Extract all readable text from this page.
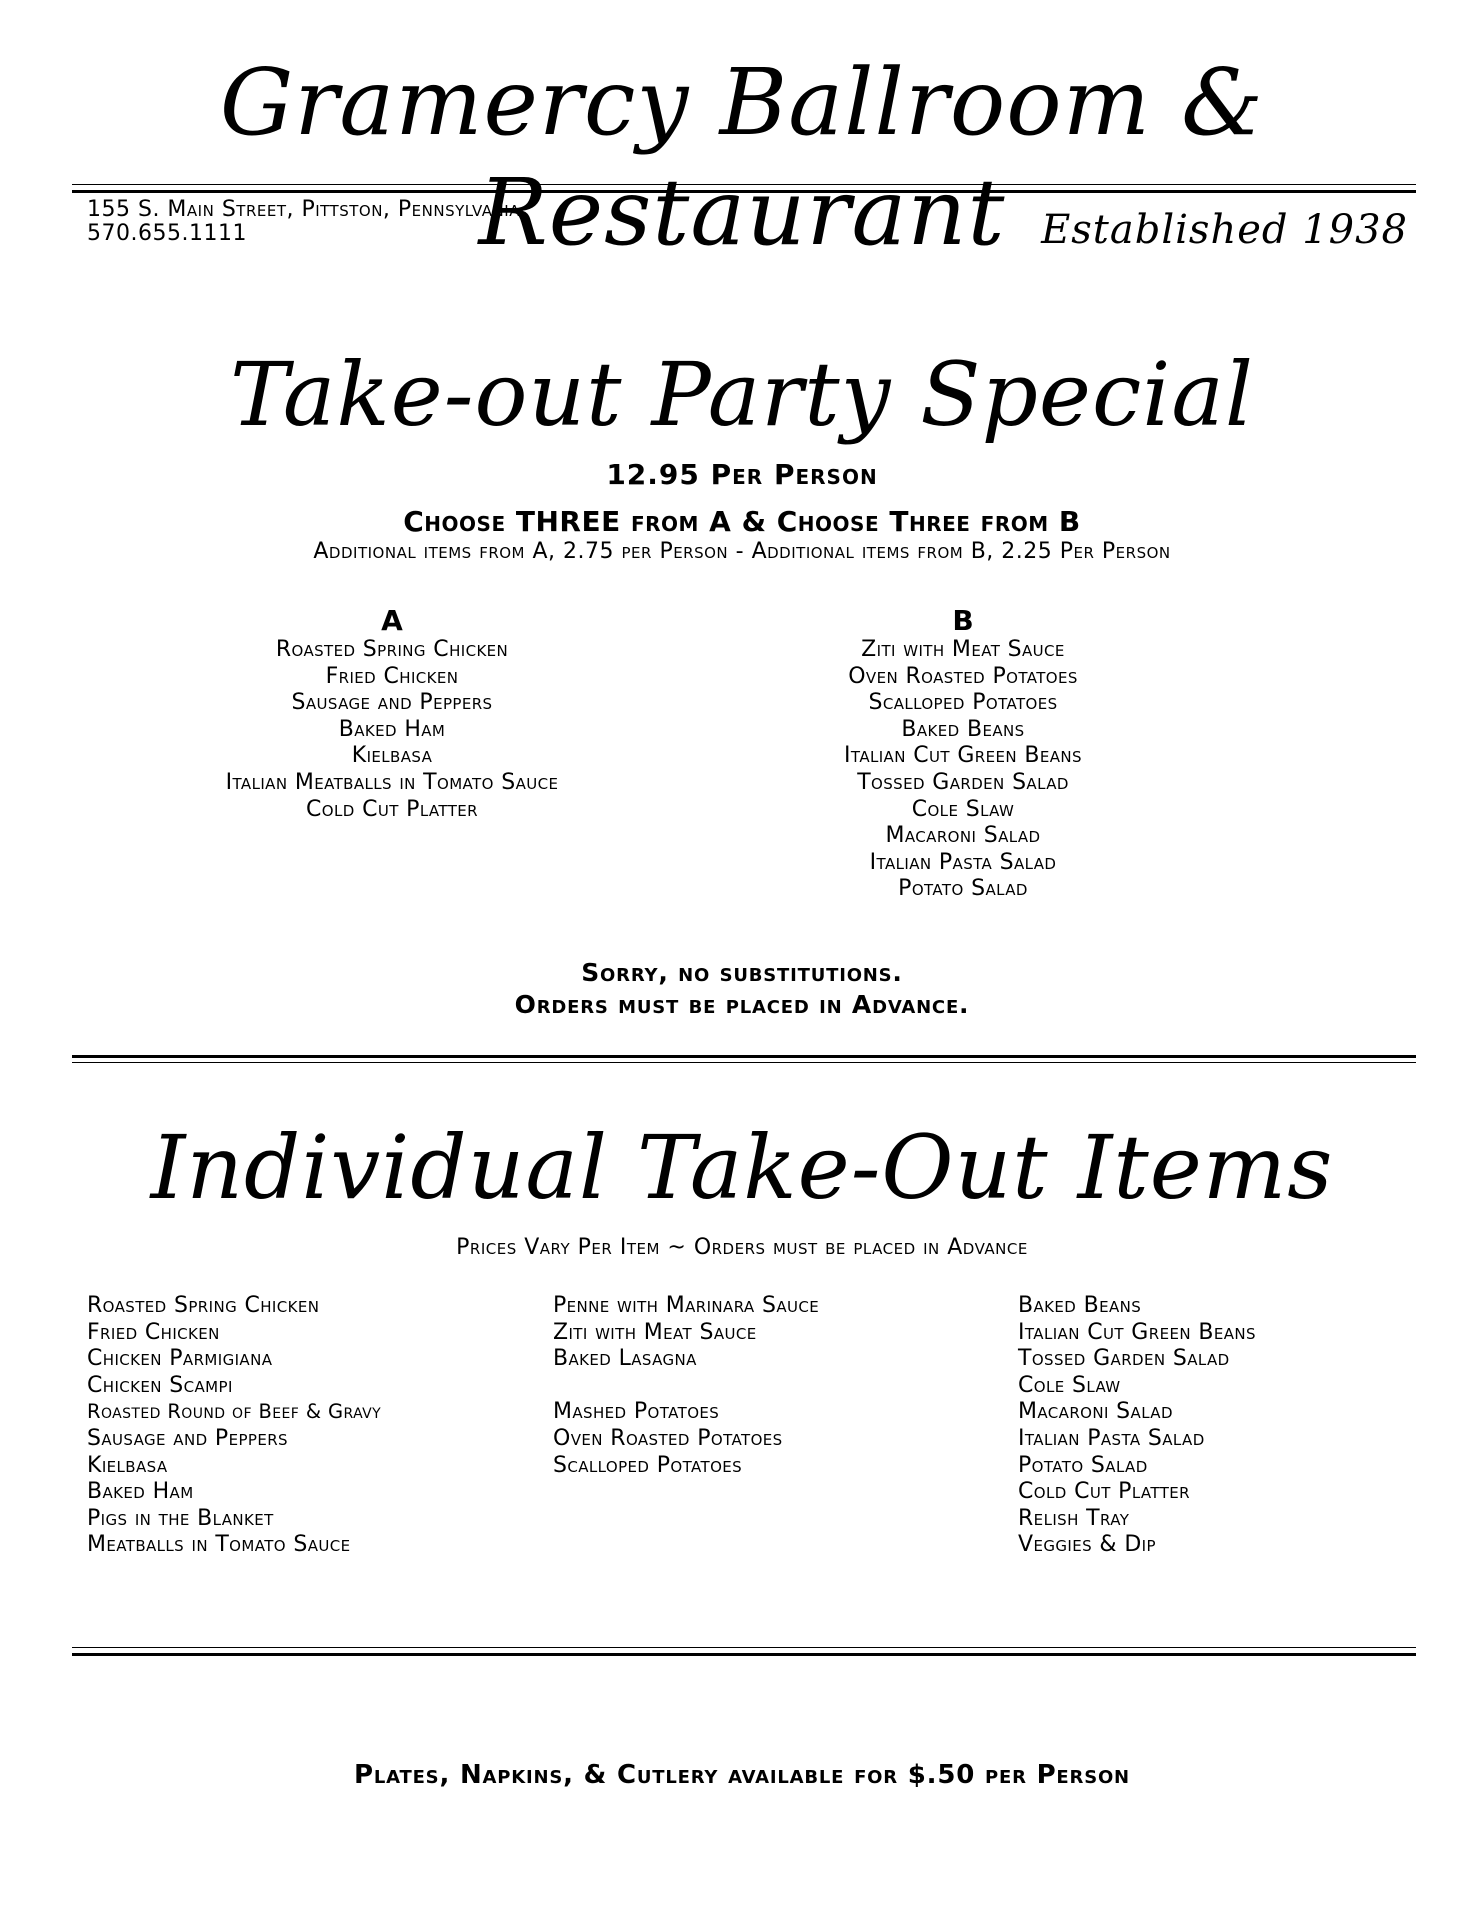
Gramercy Ballroom & Restaurant
155 S. Main Street, Pittston, Pennsylvania
570.655.1111	Established 1938
Take-out Party Special
12.95 Per Person
Choose THREE from A & Choose Three from B
Additional items from A, 2.75 per Person - Additional items from B, 2.25 Per Person
A
Roasted Spring Chicken
Fried Chicken
Sausage and Peppers
Baked Ham
Kielbasa
Italian Meatballs in Tomato Sauce
Cold Cut Platter
B
Ziti with Meat Sauce
Oven Roasted Potatoes
Scalloped Potatoes
Baked Beans
Italian Cut Green Beans
Tossed Garden Salad
Cole Slaw
Macaroni Salad
Italian Pasta Salad
Potato Salad
Sorry, no substitutions.
Orders must be placed in Advance.
Individual Take-Out Items
Prices Vary Per Item ~ Orders must be placed in Advance
Roasted Spring Chicken
Fried Chicken
Chicken Parmigiana
Chicken Scampi
Roasted Round of Beef & Gravy
Sausage and Peppers
Kielbasa
Baked Ham
Pigs in the Blanket
Meatballs in Tomato Sauce
Penne with Marinara Sauce
Ziti with Meat Sauce
Baked Lasagna
Mashed Potatoes
Oven Roasted Potatoes
Scalloped Potatoes
Baked Beans
Italian Cut Green Beans
Tossed Garden Salad
Cole Slaw
Macaroni Salad
Italian Pasta Salad
Potato Salad
Cold Cut Platter
Relish Tray
Veggies & Dip
Plates, Napkins, & Cutlery available for $.50 per Person
